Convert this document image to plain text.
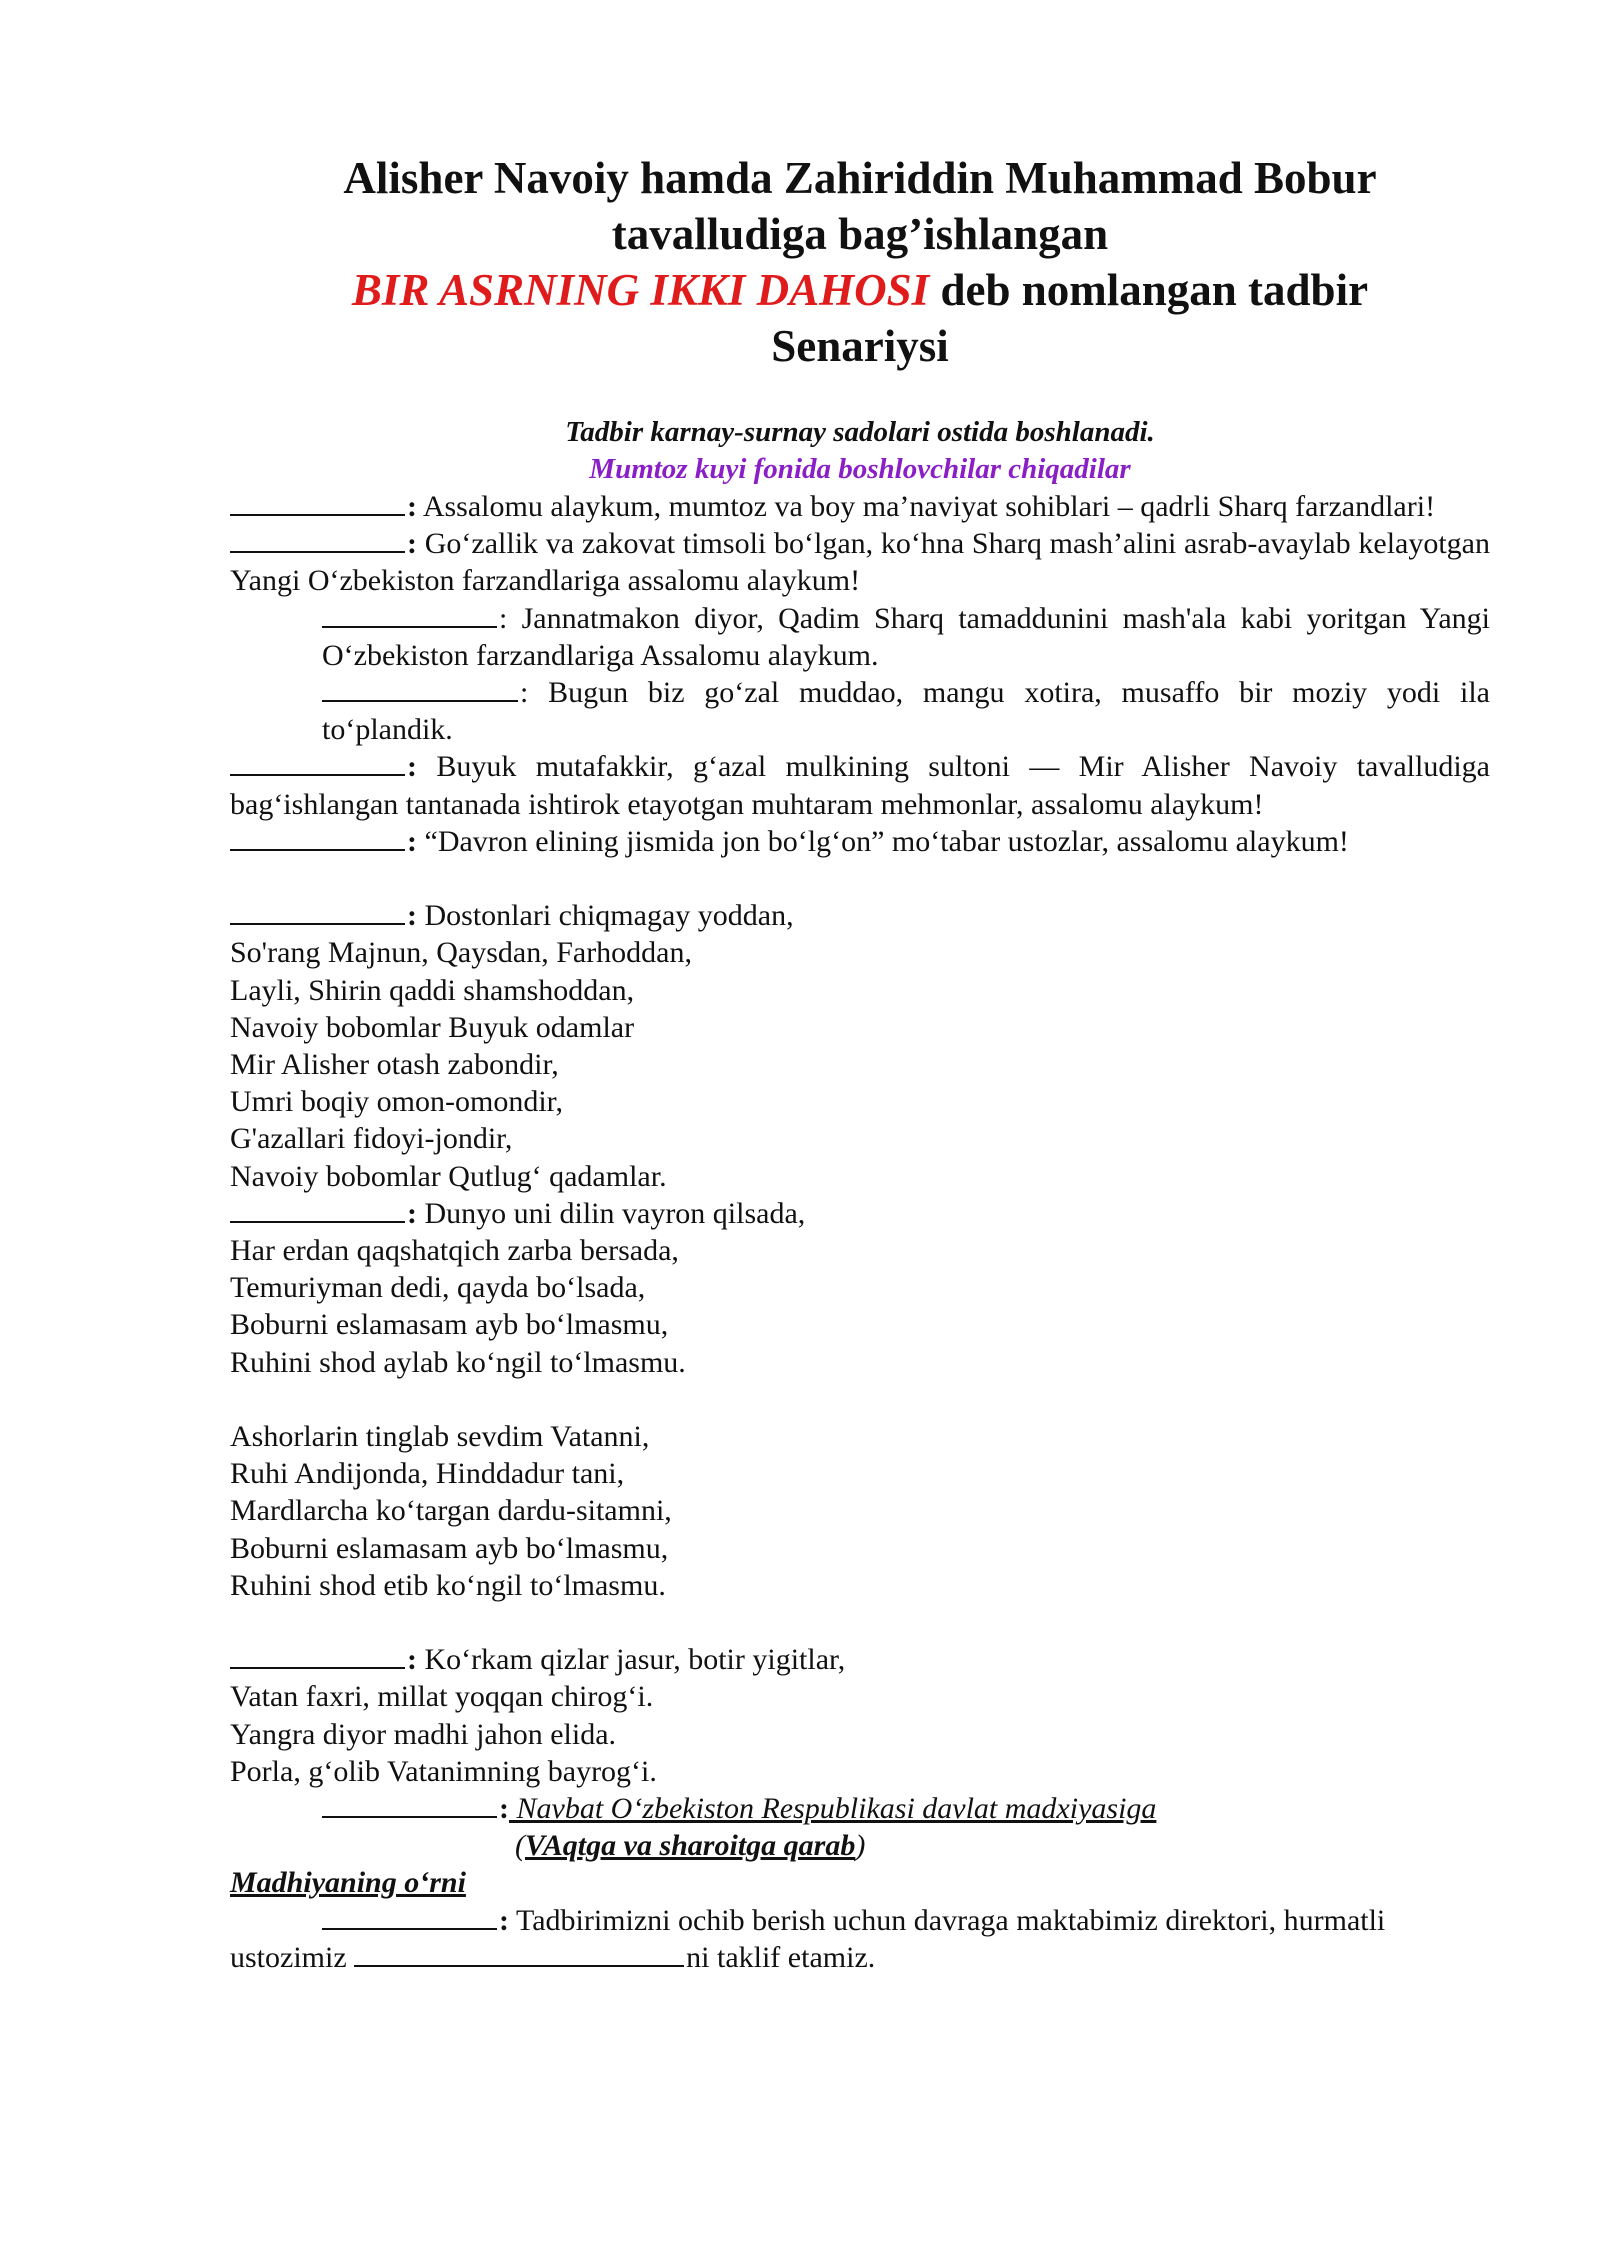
Alisher Navoiy hamda Zahiriddin Muhammad Bobur
tavalludiga bag’ishlangan
BIR ASRNING IKKI DAHOSI deb nomlangan tadbir
Senariysi
Tadbir karnay-surnay sadolari ostida boshlanadi.
Mumtoz kuyi fonida boshlovchilar chiqadilar

: Assalomu alaykum, mumtoz va boy ma’naviyat sohiblari – qadrli Sharq farzandlari!

: Go‘zallik va zakovat timsoli bo‘lgan, ko‘hna Sharq mash’alini asrab-avaylab kelayotgan Yangi O‘zbekiston farzandlariga assalomu alaykum!

: Jannatmakon diyor, Qadim Sharq tamaddunini mash'ala kabi yoritgan Yangi O‘zbekiston farzandlariga Assalomu alaykum.

: Bugun biz go‘zal muddao, mangu xotira, musaffo bir moziy yodi ila to‘plandik.

: Buyuk mutafakkir, g‘azal mulkining sultoni — Mir Alisher Navoiy tavalludiga bag‘ishlangan tantanada ishtirok etayotgan muhtaram mehmonlar, assalomu alaykum!

: “Davron elining jismida jon bo‘lg‘on” mo‘tabar ustozlar, assalomu alaykum!

: Dostonlari chiqmagay yoddan,

So'rang Majnun, Qaysdan, Farhoddan,

Layli, Shirin qaddi shamshoddan,

Navoiy bobomlar Buyuk odamlar

Mir Alisher otash zabondir,

Umri boqiy omon-omondir,

G'azallari fidoyi-jondir,

Navoiy bobomlar Qutlug‘ qadamlar.

: Dunyo uni dilin vayron qilsada,

Har erdan qaqshatqich zarba bersada,

Temuriyman dedi, qayda bo‘lsada,

Boburni eslamasam ayb bo‘lmasmu,

Ruhini shod aylab ko‘ngil to‘lmasmu.

Ashorlarin tinglab sevdim Vatanni,

Ruhi Andijonda, Hinddadur tani,

Mardlarcha ko‘targan dardu-sitamni,

Boburni eslamasam ayb bo‘lmasmu,

Ruhini shod etib ko‘ngil to‘lmasmu.

: Ko‘rkam qizlar jasur, botir yigitlar,

Vatan faxri, millat yoqqan chirog‘i.

Yangra diyor madhi jahon elida.

Porla, g‘olib Vatanimning bayrog‘i.

: Navbat O‘zbekiston Respublikasi davlat madxiyasiga

(VAqtga va sharoitga qarab)

Madhiyaning o‘rni

: Tadbirimizni ochib berish uchun davraga maktabimiz direktori, hurmatli

ustozimiz	ni taklif etamiz.
